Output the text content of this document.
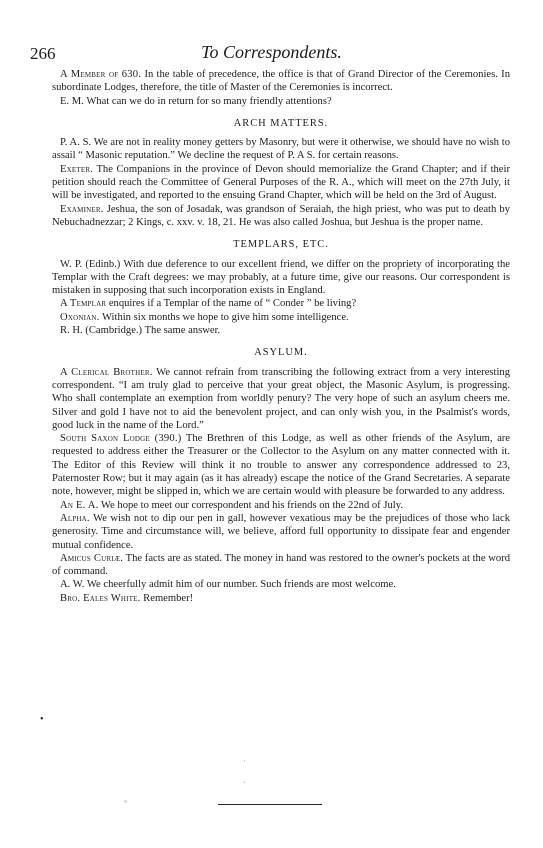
266	To Correspondents.

A Member of 630. In the table of precedence, the office is that of Grand Director of the Ceremonies. In subordinate Lodges, therefore, the title of Master of the Ceremonies is incorrect.

E. M. What can we do in return for so many friendly attentions?

ARCH MATTERS.

P. A. S. We are not in reality money getters by Masonry, but were it otherwise, we should have no wish to assail “ Masonic reputation.” We decline the request of P. A S. for certain reasons.

Exeter. The Companions in the province of Devon should memorialize the Grand Chapter; and if their petition should reach the Committee of General Purposes of the R. A., which will meet on the 27th July, it will be investigated, and reported to the ensuing Grand Chapter, which will be held on the 3rd of August.

Examiner. Jeshua, the son of Josadak, was grandson of Seraiah, the high priest, who was put to death by Nebuchadnezzar; 2 Kings, c. xxv. v. 18, 21. He was also called Joshua, but Jeshua is the proper name.

TEMPLARS, ETC.

W. P. (Edinb.) With due deference to our excellent friend, we differ on the propriety of incorporating the Templar with the Craft degrees: we may probably, at a future time, give our reasons. Our correspondent is mistaken in supposing that such incorporation exists in England.

A Templar enquires if a Templar of the name of “ Conder ” be living?

Oxonian. Within six months we hope to give him some intelligence.

R. H. (Cambridge.) The same answer.

ASYLUM.

A Clerical Brother. We cannot refrain from transcribing the following extract from a very interesting correspondent. “I am truly glad to perceive that your great object, the Masonic Asylum, is progressing. Who shall contemplate an exemption from worldly penury? The very hope of such an asylum cheers me. Silver and gold I have not to aid the benevolent project, and can only wish you, in the Psalmist's words, good luck in the name of the Lord.”

South Saxon Lodge (390.) The Brethren of this Lodge, as well as other friends of the Asylum, are requested to address either the Treasurer or the Collector to the Asylum on any matter connected with it. The Editor of this Review will think it no trouble to answer any correspondence addressed to 23, Paternoster Row; but it may again (as it has already) escape the notice of the Grand Secretaries. A separate note, however, might be slipped in, which we are certain would with pleasure be forwarded to any address.

An E. A. We hope to meet our correspondent and his friends on the 22nd of July.

Alpha. We wish not to dip our pen in gall, however vexatious may be the prejudices of those who lack generosity. Time and circumstance will, we believe, afford full opportunity to dissipate fear and engender mutual confidence.

Amicus Curiæ. The facts are as stated. The money in hand was restored to the owner's pockets at the word of command.

A. W. We cheerfully admit him of our number. Such friends are most welcome.

Bro. Eales White. Remember!

•
·
·
◦
